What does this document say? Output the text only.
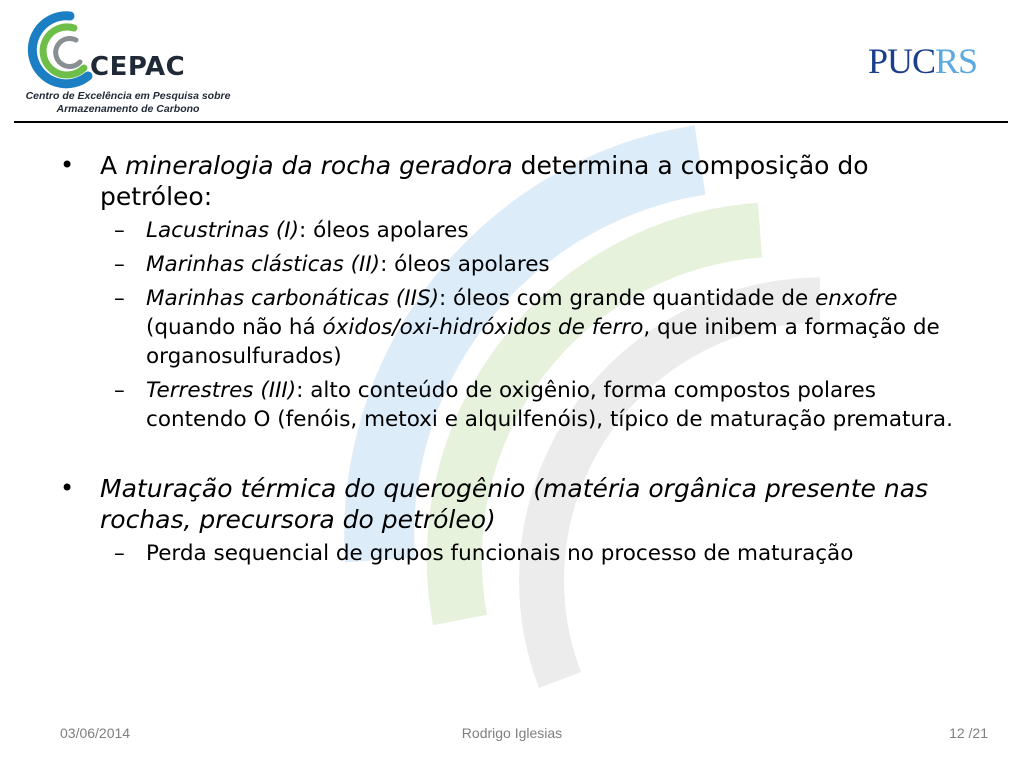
CEPAC
Centro de Excelência em Pesquisa sobre
Armazenamento de Carbono
PUCRS
• A mineralogia da rocha geradora determina a composição do petróleo:
– Lacustrinas (I): óleos apolares
– Marinhas clásticas (II): óleos apolares
– Marinhas carbonáticas (IIS): óleos com grande quantidade de enxofre (quando não há óxidos/oxi-hidróxidos de ferro, que inibem a formação de organosulfurados)
– Terrestres (III): alto conteúdo de oxigênio, forma compostos polares contendo O (fenóis, metoxi e alquilfenóis), típico de maturação prematura.
• Maturação térmica do querogênio (matéria orgânica presente nas rochas, precursora do petróleo)
– Perda sequencial de grupos funcionais no processo de maturação
03/06/2014	Rodrigo Iglesias	12 /21
